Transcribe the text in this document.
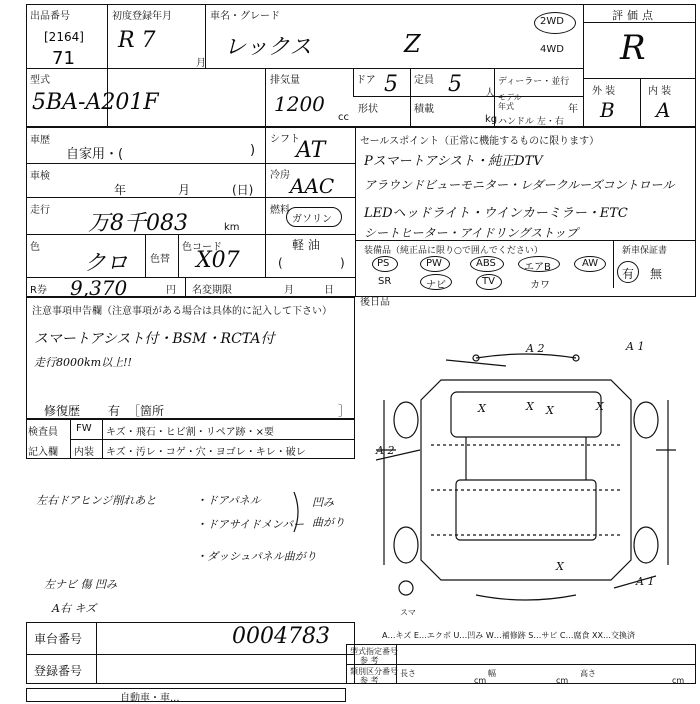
出品番号
[2164]
71
初度登録年月
R 7
月
車名・グレード
レックス	Z
2WD
4WD
評価点
R
型式
5BA-A201F
排気量
1200
cc
ドア 5 定員 5 人
ディーラー・並行
形状	積載
kg
モデル
年式	年
ハンドル 左・右
外 装	内 装
B A
車歴
自家用・(	)
車検
年	月	(日)
走行
万8千083	km
色
クロ 色替
色コード
X07
R券 9,370	円 名変期限	月	日
シフト
AT
冷房 AAC
燃料
ガソリン
軽 油
(	)
セールスポイント（正常に機能するものに限ります）
Pスマートアシスト・純正DTV
アラウンドビューモニター・レダークルーズコントロール
LEDヘッドライト・ウインカーミラー・ETC
シートヒーター・アイドリングストップ
装備品（純正品に限り○で囲んでください）	新車保証書
有 無
PS	PW	ABS	エアB	AW
SR	ナビ	TV	カワ
後日品
注意事項申告欄（注意事項がある場合は具体的に記入して下さい）
スマートアシスト付・BSM・RCTA付
走行8000km以上!!
修復歴 有 ［箇所	］
検査員
記入欄
FW キズ・飛石・ヒビ割・リペア跡・×要
内装 キズ・汚レ・コゲ・穴・ヨゴレ・キレ・破レ
左右ドアヒンジ削れあと	・ドアパネル
・ドアサイドメンバー
凹み
曲がり
・ダッシュパネル曲がり
左ナビ 傷 凹み
A右 キズ
A 2	A 1
A 2
X	X X	X
X
A 1
スマ
A…キズ E…エクボ U…凹み W…補修跡 S…サビ C…腐食 XX…交換済
車台番号	0004783
登録番号
型式指定番号
参 考
類別区分番号
参 考
長さ
cm
幅
cm
高さ
cm
自動車・車...
